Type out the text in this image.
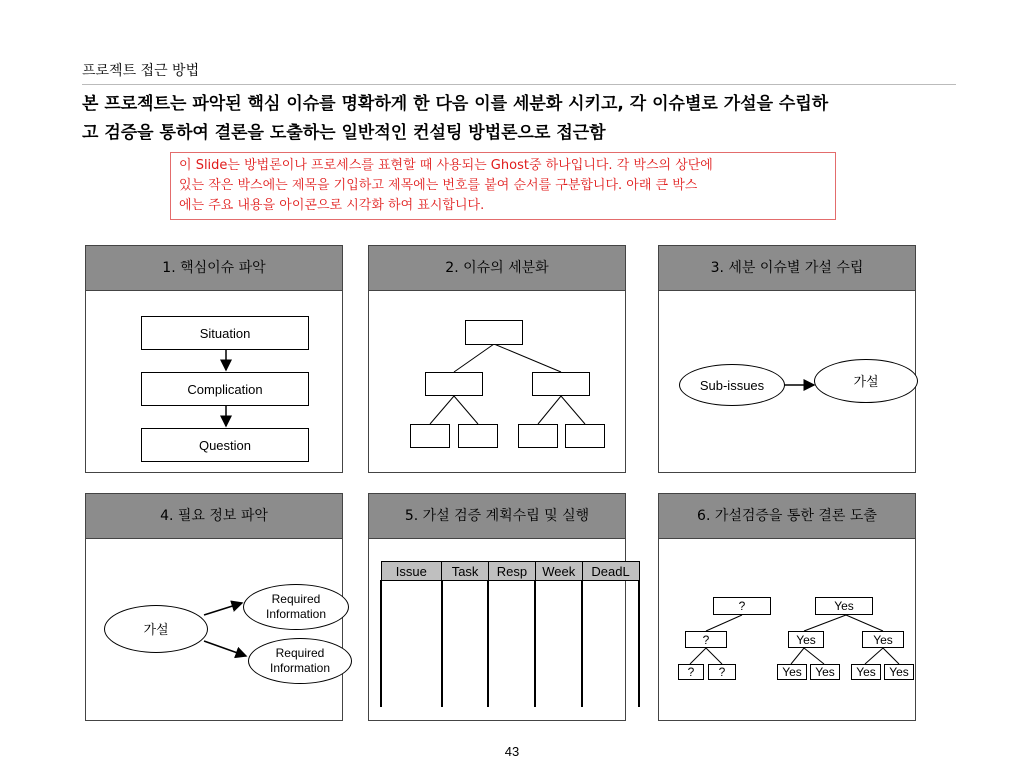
프로젝트 접근 방법
본 프로젝트는 파악된 핵심 이슈를 명확하게 한 다음 이를 세분화 시키고, 각 이슈별로 가설을 수립하
고 검증을 통하여 결론을 도출하는 일반적인 컨설팅 방법론으로 접근함
이 Slide는 방법론이나 프로세스를 표현할 때 사용되는 Ghost중 하나입니다. 각 박스의 상단에
있는 작은 박스에는 제목을 기입하고 제목에는 번호를 붙여 순서를 구분합니다. 아래 큰 박스
에는 주요 내용을 아이콘으로 시각화 하여 표시합니다.
1. 핵심이슈 파악
Situation
Complication
Question
2. 이슈의 세분화	3. 세분 이슈별 가설 수립
Sub-issues	가설
4. 필요 정보 파악
가설
Required Information
Required Information
5. 가설 검증 계획수립 및 실행
Issue	Task	Resp	Week	DeadL

6. 가설검증을 통한 결론 도출
?
?
?	?
Yes
Yes	Yes
Yes	Yes	Yes	Yes
43
